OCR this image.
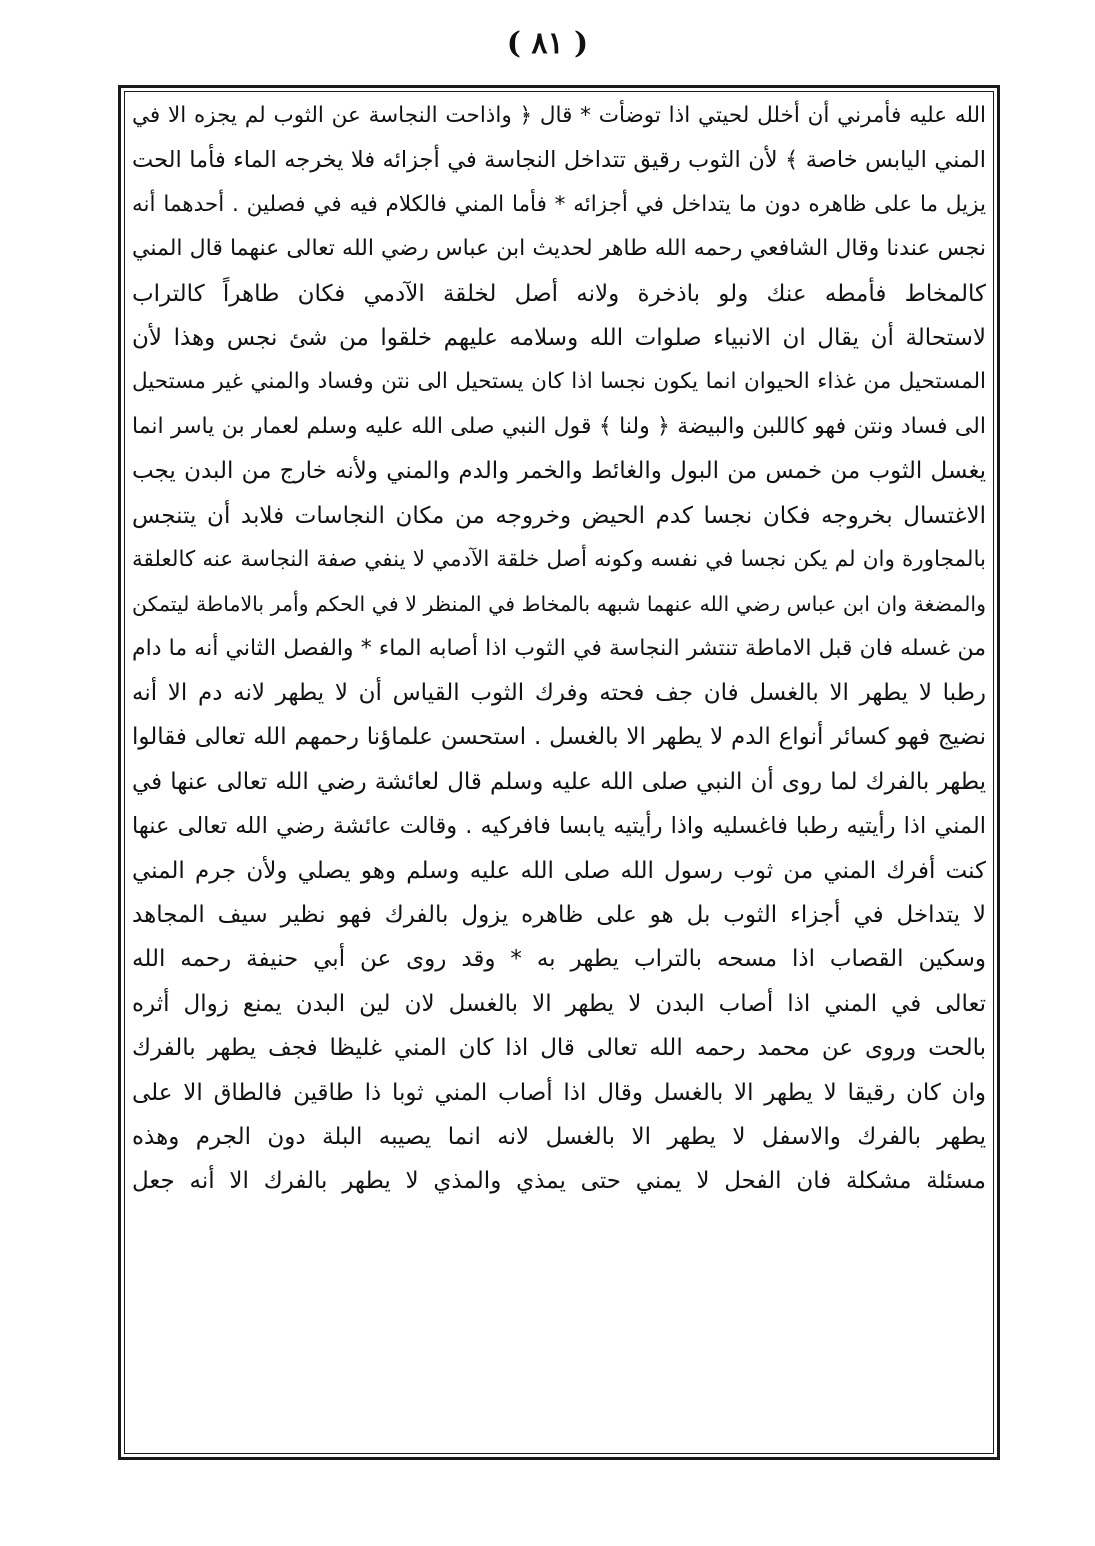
( ٨١ )
الله عليه فأمرني أن أخلل لحيتي اذا توضأت * قال ﴿ واذاحت النجاسة عن الثوب لم يجزه الا في
المني اليابس خاصة ﴾ لأن الثوب رقيق تتداخل النجاسة في أجزائه فلا يخرجه الماء فأما الحت
يزيل ما على ظاهره دون ما يتداخل في أجزائه * فأما المني فالكلام فيه في فصلين . أحدهما أنه
نجس عندنا وقال الشافعي رحمه الله طاهر لحديث ابن عباس رضي الله تعالى عنهما قال المني
كالمخاط فأمطه عنك ولو باذخرة ولانه أصل لخلقة الآدمي فكان طاهراً كالتراب
لاستحالة أن يقال ان الانبياء صلوات الله وسلامه عليهم خلقوا من شئ نجس وهذا لأن
المستحيل من غذاء الحيوان انما يكون نجسا اذا كان يستحيل الى نتن وفساد والمني غير مستحيل
الى فساد ونتن فهو كاللبن والبيضة ﴿ ولنا ﴾ قول النبي صلى الله عليه وسلم لعمار بن ياسر انما
يغسل الثوب من خمس من البول والغائط والخمر والدم والمني ولأنه خارج من البدن يجب
الاغتسال بخروجه فكان نجسا كدم الحيض وخروجه من مكان النجاسات فلابد أن يتنجس
بالمجاورة وان لم يكن نجسا في نفسه وكونه أصل خلقة الآدمي لا ينفي صفة النجاسة عنه كالعلقة
والمضغة وان ابن عباس رضي الله عنهما شبهه بالمخاط في المنظر لا في الحكم وأمر بالاماطة ليتمكن
من غسله فان قبل الاماطة تنتشر النجاسة في الثوب اذا أصابه الماء * والفصل الثاني أنه ما دام
رطبا لا يطهر الا بالغسل فان جف فحته وفرك الثوب القياس أن لا يطهر لانه دم الا أنه
نضيج فهو كسائر أنواع الدم لا يطهر الا بالغسل . استحسن علماؤنا رحمهم الله تعالى فقالوا
يطهر بالفرك لما روى أن النبي صلى الله عليه وسلم قال لعائشة رضي الله تعالى عنها في
المني اذا رأيتيه رطبا فاغسليه واذا رأيتيه يابسا فافركيه . وقالت عائشة رضي الله تعالى عنها
كنت أفرك المني من ثوب رسول الله صلى الله عليه وسلم وهو يصلي ولأن جرم المني
لا يتداخل في أجزاء الثوب بل هو على ظاهره يزول بالفرك فهو نظير سيف المجاهد
وسكين القصاب اذا مسحه بالتراب يطهر به * وقد روى عن أبي حنيفة رحمه الله
تعالى في المني اذا أصاب البدن لا يطهر الا بالغسل لان لين البدن يمنع زوال أثره
بالحت وروى عن محمد رحمه الله تعالى قال اذا كان المني غليظا فجف يطهر بالفرك
وان كان رقيقا لا يطهر الا بالغسل وقال اذا أصاب المني ثوبا ذا طاقين فالطاق الا على
يطهر بالفرك والاسفل لا يطهر الا بالغسل لانه انما يصيبه البلة دون الجرم وهذه
مسئلة مشكلة فان الفحل لا يمني حتى يمذي والمذي لا يطهر بالفرك الا أنه جعل
